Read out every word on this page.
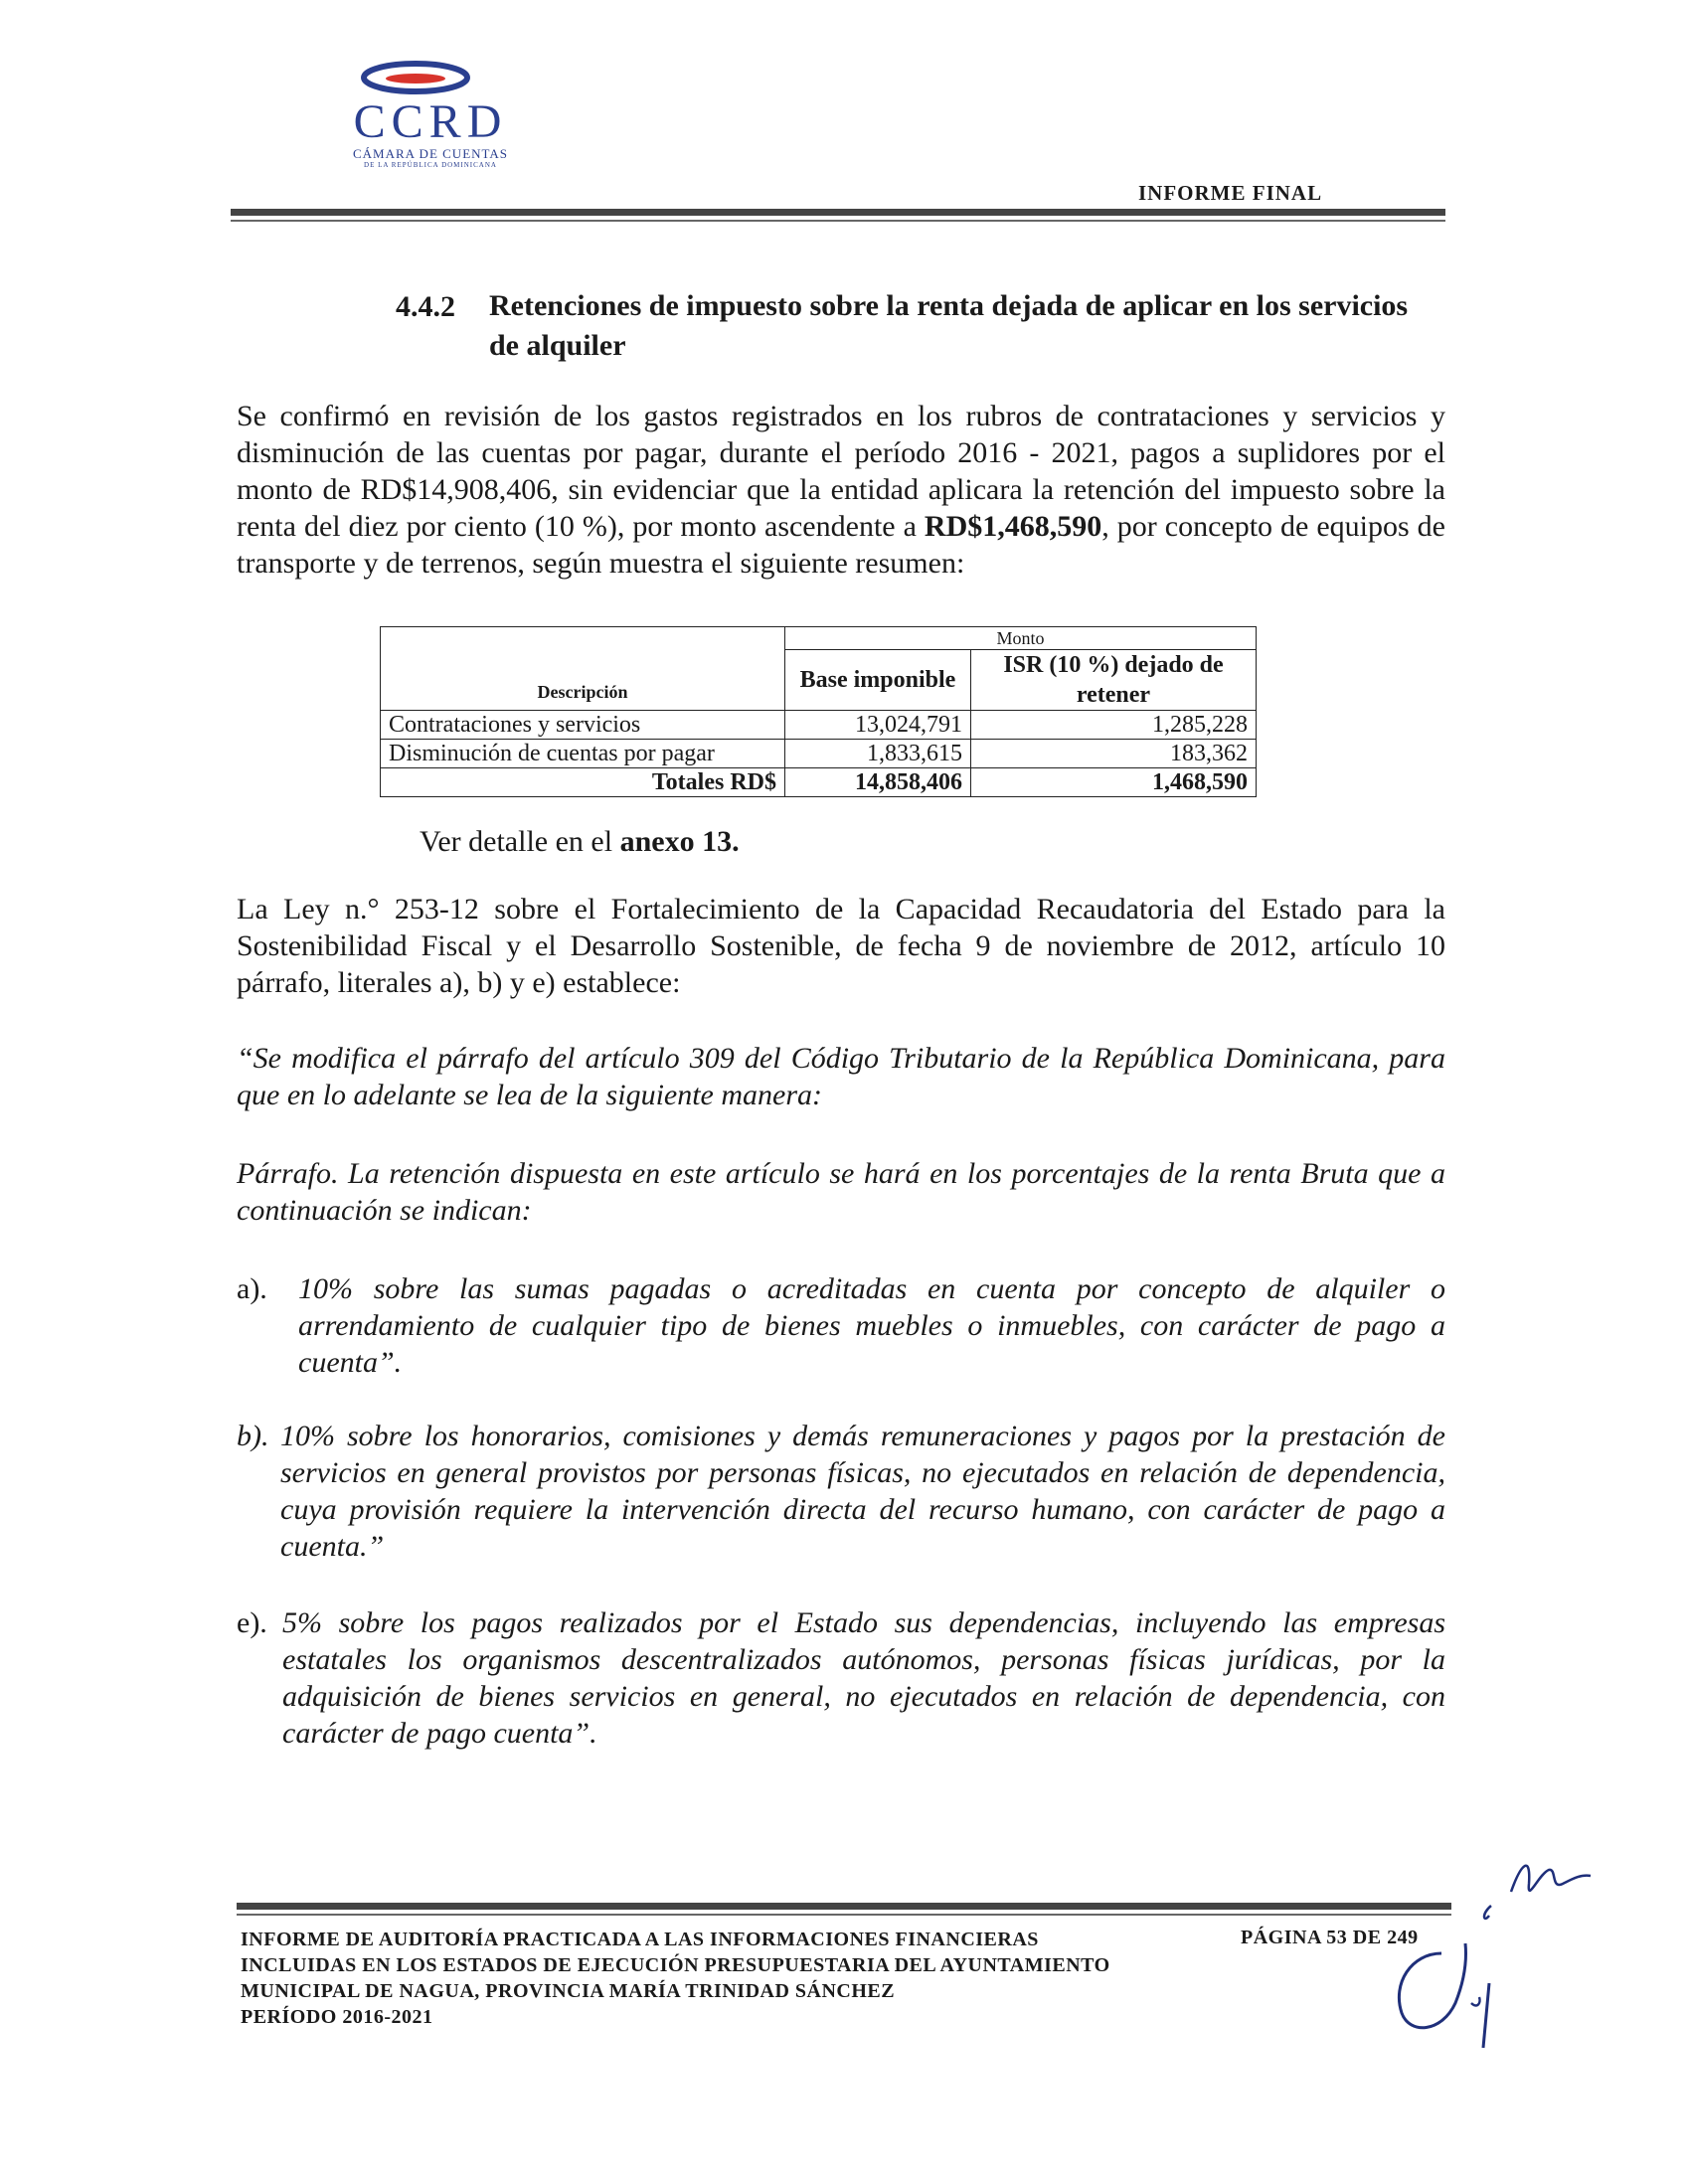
CCRD
CÁMARA DE CUENTAS
DE LA REPÚBLICA DOMINICANA
INFORME FINAL
4.4.2 Retenciones de impuesto sobre la renta dejada de aplicar en los servicios de alquiler
Se confirmó en revisión de los gastos registrados en los rubros de contrataciones y servicios y disminución de las cuentas por pagar, durante el período 2016 - 2021, pagos a suplidores por el monto de RD$14,908,406, sin evidenciar que la entidad aplicara la retención del impuesto sobre la renta del diez por ciento (10 %), por monto ascendente a RD$1,468,590, por concepto de equipos de transporte y de terrenos, según muestra el siguiente resumen:
Descripción	Monto	
	Base imponible	ISR (10 %) dejado de retener
Contrataciones y servicios	13,024,791	1,285,228
Disminución de cuentas por pagar	1,833,615	183,362
Totales RD$	14,858,406	1,468,590
Ver detalle en el anexo 13.
La Ley n.° 253-12 sobre el Fortalecimiento de la Capacidad Recaudatoria del Estado para la Sostenibilidad Fiscal y el Desarrollo Sostenible, de fecha 9 de noviembre de 2012, artículo 10 párrafo, literales a), b) y e) establece:
“Se modifica el párrafo del artículo 309 del Código Tributario de la República Dominicana, para que en lo adelante se lea de la siguiente manera:
Párrafo. La retención dispuesta en este artículo se hará en los porcentajes de la renta Bruta que a continuación se indican:
a). 10% sobre las sumas pagadas o acreditadas en cuenta por concepto de alquiler o arrendamiento de cualquier tipo de bienes muebles o inmuebles, con carácter de pago a cuenta”.
b). 10% sobre los honorarios, comisiones y demás remuneraciones y pagos por la prestación de servicios en general provistos por personas físicas, no ejecutados en relación de dependencia, cuya provisión requiere la intervención directa del recurso humano, con carácter de pago a cuenta.”
e). 5% sobre los pagos realizados por el Estado sus dependencias, incluyendo las empresas estatales los organismos descentralizados autónomos, personas físicas jurídicas, por la adquisición de bienes servicios en general, no ejecutados en relación de dependencia, con carácter de pago cuenta”.
INFORME DE AUDITORÍA PRACTICADA A LAS INFORMACIONES FINANCIERAS
INCLUIDAS EN LOS ESTADOS DE EJECUCIÓN PRESUPUESTARIA DEL AYUNTAMIENTO
MUNICIPAL DE NAGUA, PROVINCIA MARÍA TRINIDAD SÁNCHEZ
PERÍODO 2016-2021
PÁGINA 53 DE 249
